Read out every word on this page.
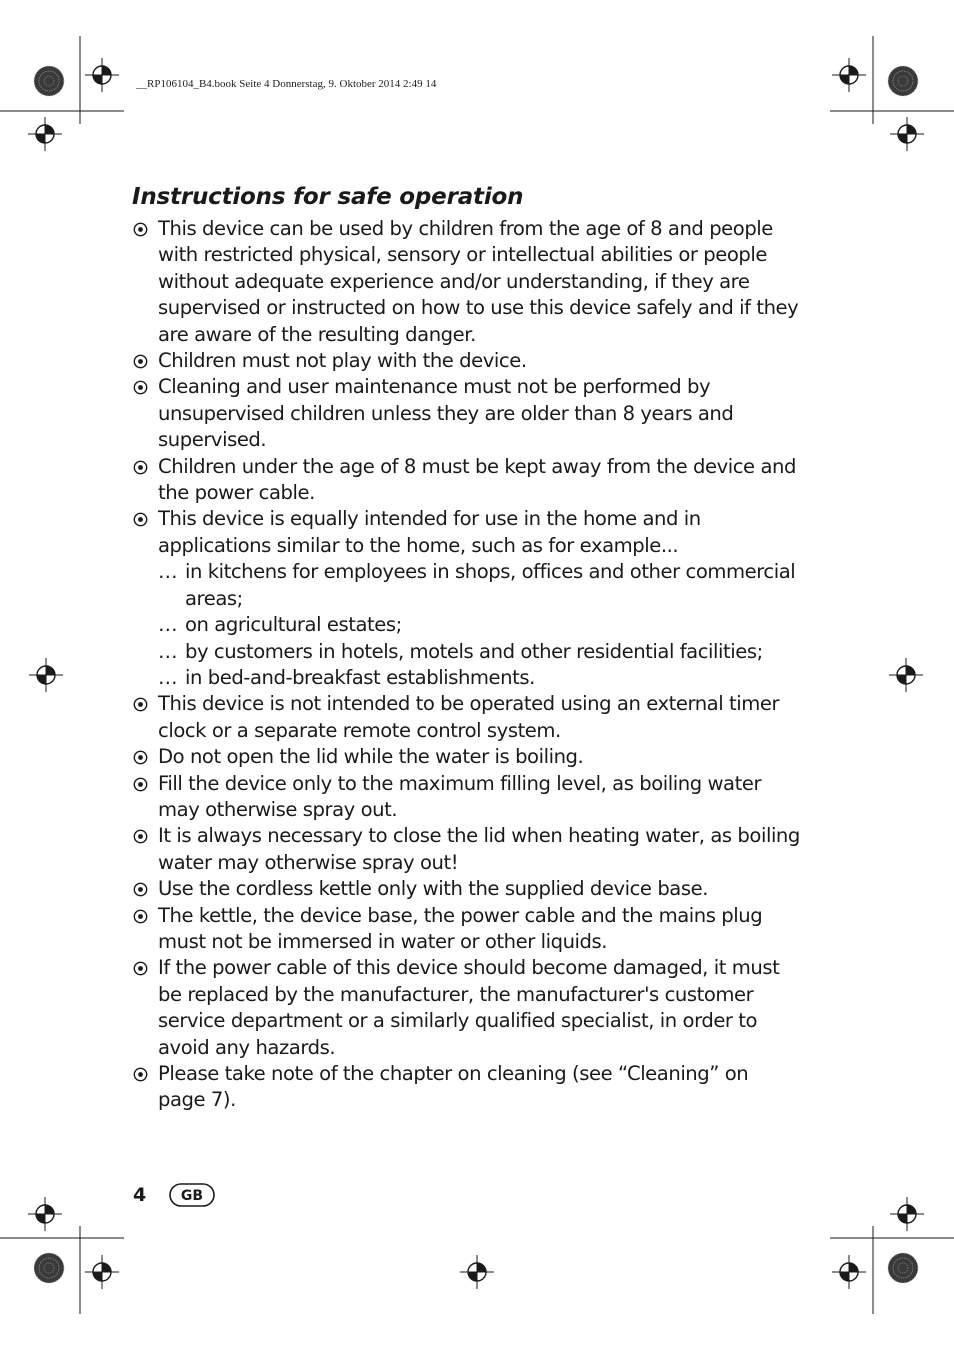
__RP106104_B4.book Seite 4 Donnerstag, 9. Oktober 2014 2:49 14
Instructions for safe operation

This device can be used by children from the age of 8 and people with restricted physical, sensory or intellectual abilities or people without adequate experience and/or understanding, if they are supervised or instructed on how to use this device safely and if they are aware of the resulting danger.

Children must not play with the device.

Cleaning and user maintenance must not be performed by unsupervised children unless they are older than 8 years and supervised.

Children under the age of 8 must be kept away from the device and the power cable.

This device is equally intended for use in the home and in applications similar to the home, such as for example...

… in kitchens for employees in shops, offices and other commercial areas;

… on agricultural estates;

… by customers in hotels, motels and other residential facilities;

… in bed-and-breakfast establishments.

This device is not intended to be operated using an external timer clock or a separate remote control system.

Do not open the lid while the water is boiling.

Fill the device only to the maximum filling level, as boiling water may otherwise spray out.

It is always necessary to close the lid when heating water, as boiling water may otherwise spray out!

Use the cordless kettle only with the supplied device base.

The kettle, the device base, the power cable and the mains plug must not be immersed in water or other liquids.

If the power cable of this device should become damaged, it must be replaced by the manufacturer, the manufacturer's customer service department or a similarly qualified specialist, in order to avoid any hazards.

Please take note of the chapter on cleaning (see “Cleaning” on page 7).

4 GB
